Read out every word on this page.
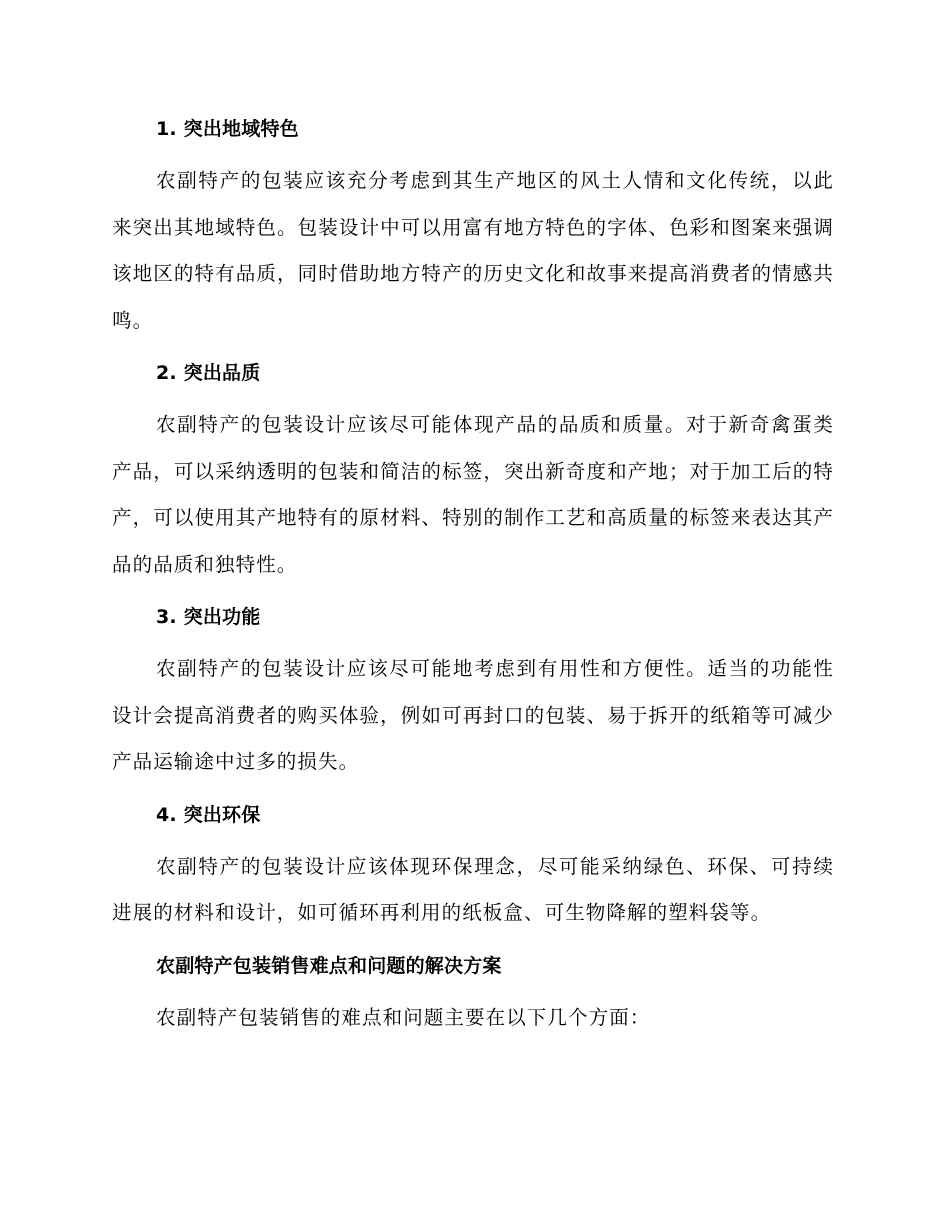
1. 突出地域特色

农副特产的包装应该充分考虑到其生产地区的风土人情和文化传统，以此来突出其地域特色。包装设计中可以用富有地方特色的字体、色彩和图案来强调该地区的特有品质，同时借助地方特产的历史文化和故事来提高消费者的情感共鸣。

2. 突出品质

农副特产的包装设计应该尽可能体现产品的品质和质量。对于新奇禽蛋类产品，可以采纳透明的包装和简洁的标签，突出新奇度和产地；对于加工后的特产，可以使用其产地特有的原材料、特别的制作工艺和高质量的标签来表达其产品的品质和独特性。

3. 突出功能

农副特产的包装设计应该尽可能地考虑到有用性和方便性。适当的功能性设计会提高消费者的购买体验，例如可再封口的包装、易于拆开的纸箱等可减少产品运输途中过多的损失。

4. 突出环保

农副特产的包装设计应该体现环保理念，尽可能采纳绿色、环保、可持续进展的材料和设计，如可循环再利用的纸板盒、可生物降解的塑料袋等。

农副特产包装销售难点和问题的解决方案

农副特产包装销售的难点和问题主要在以下几个方面：
